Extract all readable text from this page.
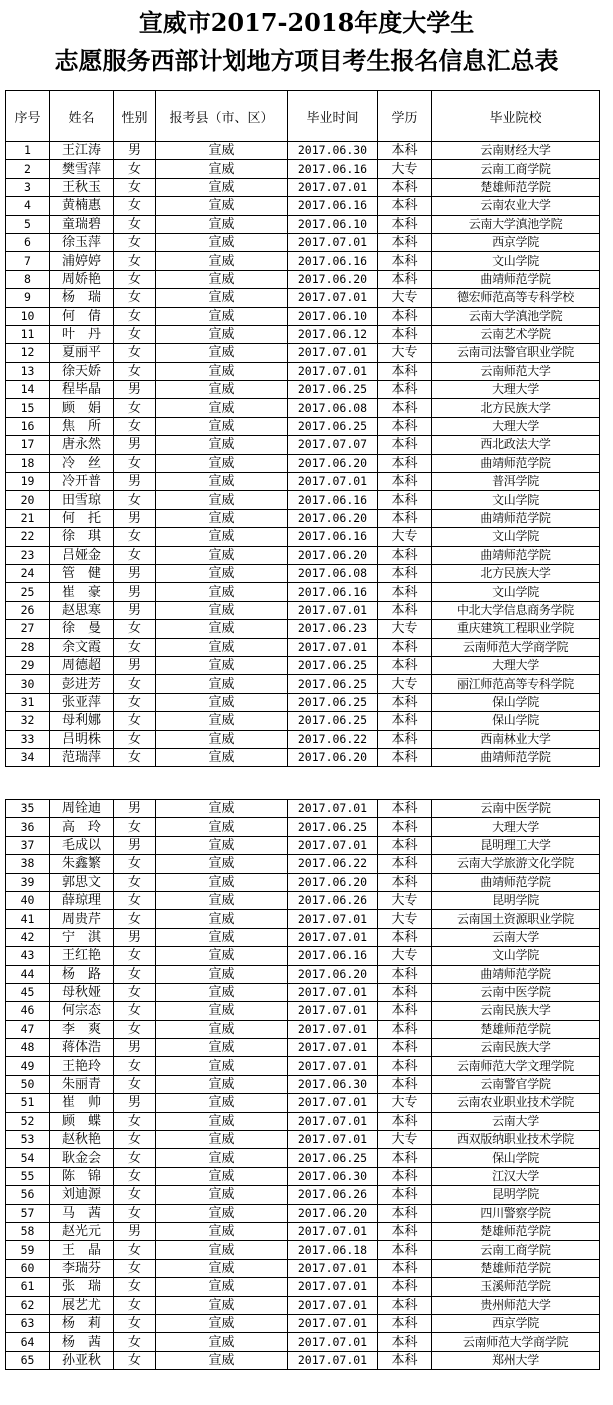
宣威市2017-2018年度大学生
志愿服务西部计划地方项目考生报名信息汇总表
序号	姓名	性别	报考县（市、区）	毕业时间	学历	毕业院校
1	王江涛	男	宣威	2017.06.30	本科	云南财经大学
2	樊雪萍	女	宣威	2017.06.16	大专	云南工商学院
3	王秋玉	女	宣威	2017.07.01	本科	楚雄师范学院
4	黄楠惠	女	宣威	2017.06.16	本科	云南农业大学
5	童瑞碧	女	宣威	2017.06.10	本科	云南大学滇池学院
6	徐玉萍	女	宣威	2017.07.01	本科	西京学院
7	浦婷婷	女	宣威	2017.06.16	本科	文山学院
8	周娇艳	女	宣威	2017.06.20	本科	曲靖师范学院
9	杨　瑞	女	宣威	2017.07.01	大专	德宏师范高等专科学校
10	何　倩	女	宣威	2017.06.10	本科	云南大学滇池学院
11	叶　丹	女	宣威	2017.06.12	本科	云南艺术学院
12	夏丽平	女	宣威	2017.07.01	大专	云南司法警官职业学院
13	徐天娇	女	宣威	2017.07.01	本科	云南师范大学
14	程毕晶	男	宣威	2017.06.25	本科	大理大学
15	顾　娟	女	宣威	2017.06.08	本科	北方民族大学
16	焦　所	女	宣威	2017.06.25	本科	大理大学
17	唐永然	男	宣威	2017.07.07	本科	西北政法大学
18	冷　丝	女	宣威	2017.06.20	本科	曲靖师范学院
19	冷开普	男	宣威	2017.07.01	本科	普洱学院
20	田雪琼	女	宣威	2017.06.16	本科	文山学院
21	何　托	男	宣威	2017.06.20	本科	曲靖师范学院
22	徐　琪	女	宣威	2017.06.16	大专	文山学院
23	吕娅金	女	宣威	2017.06.20	本科	曲靖师范学院
24	管　健	男	宣威	2017.06.08	本科	北方民族大学
25	崔　豪	男	宣威	2017.06.16	本科	文山学院
26	赵思寒	男	宣威	2017.07.01	本科	中北大学信息商务学院
27	徐　曼	女	宣威	2017.06.23	大专	重庆建筑工程职业学院
28	余文霞	女	宣威	2017.07.01	本科	云南师范大学商学院
29	周德超	男	宣威	2017.06.25	本科	大理大学
30	彭进芳	女	宣威	2017.06.25	大专	丽江师范高等专科学院
31	张亚萍	女	宣威	2017.06.25	本科	保山学院
32	母利娜	女	宣威	2017.06.25	本科	保山学院
33	吕明株	女	宣威	2017.06.22	本科	西南林业大学
34	范瑞萍	女	宣威	2017.06.20	本科	曲靖师范学院
35	周铨迪	男	宣威	2017.07.01	本科	云南中医学院
36	高　玲	女	宣威	2017.06.25	本科	大理大学
37	毛成以	男	宣威	2017.07.01	本科	昆明理工大学
38	朱鑫繁	女	宣威	2017.06.22	本科	云南大学旅游文化学院
39	郭思文	女	宣威	2017.06.20	本科	曲靖师范学院
40	薛琼理	女	宣威	2017.06.26	大专	昆明学院
41	周贵芹	女	宣威	2017.07.01	大专	云南国土资源职业学院
42	宁　淇	男	宣威	2017.07.01	本科	云南大学
43	王红艳	女	宣威	2017.06.16	大专	文山学院
44	杨　路	女	宣威	2017.06.20	本科	曲靖师范学院
45	母秋娅	女	宣威	2017.07.01	本科	云南中医学院
46	何宗态	女	宣威	2017.07.01	本科	云南民族大学
47	李　爽	女	宣威	2017.07.01	本科	楚雄师范学院
48	蒋体浩	男	宣威	2017.07.01	本科	云南民族大学
49	王艳玲	女	宣威	2017.07.01	本科	云南师范大学文理学院
50	朱丽青	女	宣威	2017.06.30	本科	云南警官学院
51	崔　帅	男	宣威	2017.07.01	大专	云南农业职业技术学院
52	顾　蝶	女	宣威	2017.07.01	本科	云南大学
53	赵秋艳	女	宣威	2017.07.01	大专	西双版纳职业技术学院
54	耿金会	女	宣威	2017.06.25	本科	保山学院
55	陈　锦	女	宣威	2017.06.30	本科	江汉大学
56	刘迪源	女	宣威	2017.06.26	本科	昆明学院
57	马　茜	女	宣威	2017.06.20	本科	四川警察学院
58	赵光元	男	宣威	2017.07.01	本科	楚雄师范学院
59	王　晶	女	宣威	2017.06.18	本科	云南工商学院
60	李瑞芬	女	宣威	2017.07.01	本科	楚雄师范学院
61	张　瑞	女	宣威	2017.07.01	本科	玉溪师范学院
62	展艺尤	女	宣威	2017.07.01	本科	贵州师范大学
63	杨　莉	女	宣威	2017.07.01	本科	西京学院
64	杨　茜	女	宣威	2017.07.01	本科	云南师范大学商学院
65	孙亚秋	女	宣威	2017.07.01	本科	郑州大学
